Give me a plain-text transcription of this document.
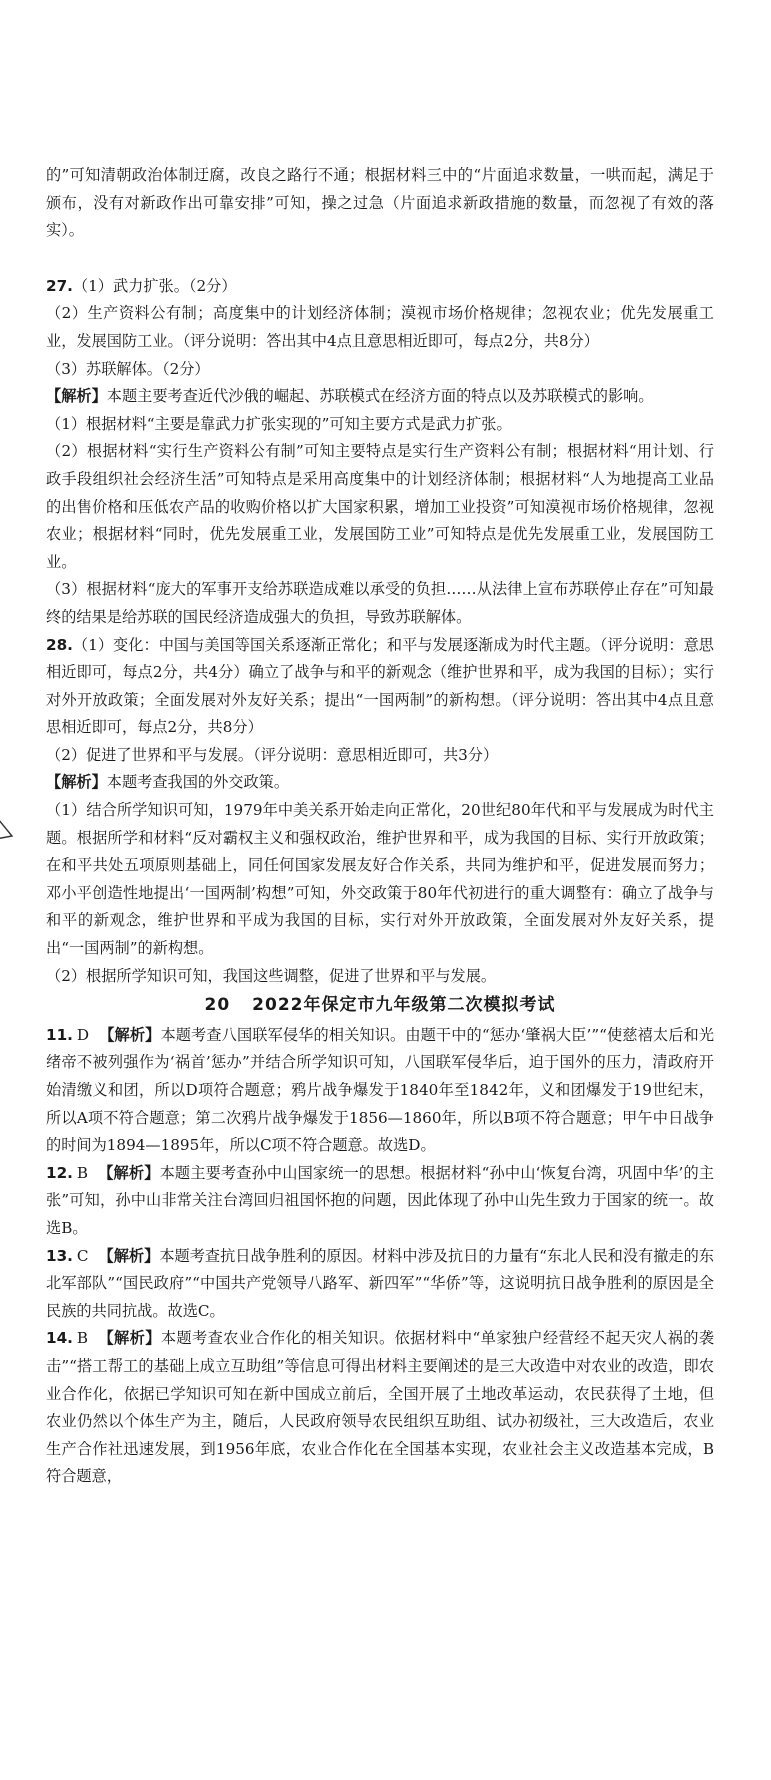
的”可知清朝政治体制迂腐，改良之路行不通；根据材料三中的“片面追求数量，一哄而起，满足于颁布，没有对新政作出可靠安排”可知，操之过急（片面追求新政措施的数量，而忽视了有效的落实）。

27.（1）武力扩张。（2分）

（2）生产资料公有制；高度集中的计划经济体制；漠视市场价格规律；忽视农业；优先发展重工业，发展国防工业。（评分说明：答出其中4点且意思相近即可，每点2分，共8分）

（3）苏联解体。（2分）

【解析】本题主要考查近代沙俄的崛起、苏联模式在经济方面的特点以及苏联模式的影响。

（1）根据材料“主要是靠武力扩张实现的”可知主要方式是武力扩张。

（2）根据材料“实行生产资料公有制”可知主要特点是实行生产资料公有制；根据材料“用计划、行政手段组织社会经济生活”可知特点是采用高度集中的计划经济体制；根据材料“人为地提高工业品的出售价格和压低农产品的收购价格以扩大国家积累，增加工业投资”可知漠视市场价格规律，忽视农业；根据材料“同时，优先发展重工业，发展国防工业”可知特点是优先发展重工业，发展国防工业。

（3）根据材料“庞大的军事开支给苏联造成难以承受的负担……从法律上宣布苏联停止存在”可知最终的结果是给苏联的国民经济造成强大的负担，导致苏联解体。

28.（1）变化：中国与美国等国关系逐渐正常化；和平与发展逐渐成为时代主题。（评分说明：意思相近即可，每点2分，共4分）确立了战争与和平的新观念（维护世界和平，成为我国的目标）；实行对外开放政策；全面发展对外友好关系；提出“一国两制”的新构想。（评分说明：答出其中4点且意思相近即可，每点2分，共8分）

（2）促进了世界和平与发展。（评分说明：意思相近即可，共3分）

【解析】本题考查我国的外交政策。

（1）结合所学知识可知，1979年中美关系开始走向正常化，20世纪80年代和平与发展成为时代主题。根据所学和材料“反对霸权主义和强权政治，维护世界和平，成为我国的目标、实行开放政策；在和平共处五项原则基础上，同任何国家发展友好合作关系，共同为维护和平，促进发展而努力；邓小平创造性地提出‘一国两制’构想”可知，外交政策于80年代初进行的重大调整有：确立了战争与和平的新观念，维护世界和平成为我国的目标，实行对外开放政策，全面发展对外友好关系，提出“一国两制”的新构想。

（2）根据所学知识可知，我国这些调整，促进了世界和平与发展。

20 2022年保定市九年级第二次模拟考试

11. D 【解析】本题考查八国联军侵华的相关知识。由题干中的“惩办‘肇祸大臣’”“使慈禧太后和光绪帝不被列强作为‘祸首’惩办”并结合所学知识可知，八国联军侵华后，迫于国外的压力，清政府开始清缴义和团，所以D项符合题意；鸦片战争爆发于1840年至1842年，义和团爆发于19世纪末，所以A项不符合题意；第二次鸦片战争爆发于1856—1860年，所以B项不符合题意；甲午中日战争的时间为1894—1895年，所以C项不符合题意。故选D。

12. B 【解析】本题主要考查孙中山国家统一的思想。根据材料“孙中山‘恢复台湾，巩固中华’的主张”可知，孙中山非常关注台湾回归祖国怀抱的问题，因此体现了孙中山先生致力于国家的统一。故选B。

13. C 【解析】本题考查抗日战争胜利的原因。材料中涉及抗日的力量有“东北人民和没有撤走的东北军部队”“国民政府”“中国共产党领导八路军、新四军”“华侨”等，这说明抗日战争胜利的原因是全民族的共同抗战。故选C。

14. B 【解析】本题考查农业合作化的相关知识。依据材料中“单家独户经营经不起天灾人祸的袭击”“搭工帮工的基础上成立互助组”等信息可得出材料主要阐述的是三大改造中对农业的改造，即农业合作化，依据已学知识可知在新中国成立前后，全国开展了土地改革运动，农民获得了土地，但农业仍然以个体生产为主，随后，人民政府领导农民组织互助组、试办初级社，三大改造后，农业生产合作社迅速发展，到1956年底，农业合作化在全国基本实现，农业社会主义改造基本完成，B符合题意，
